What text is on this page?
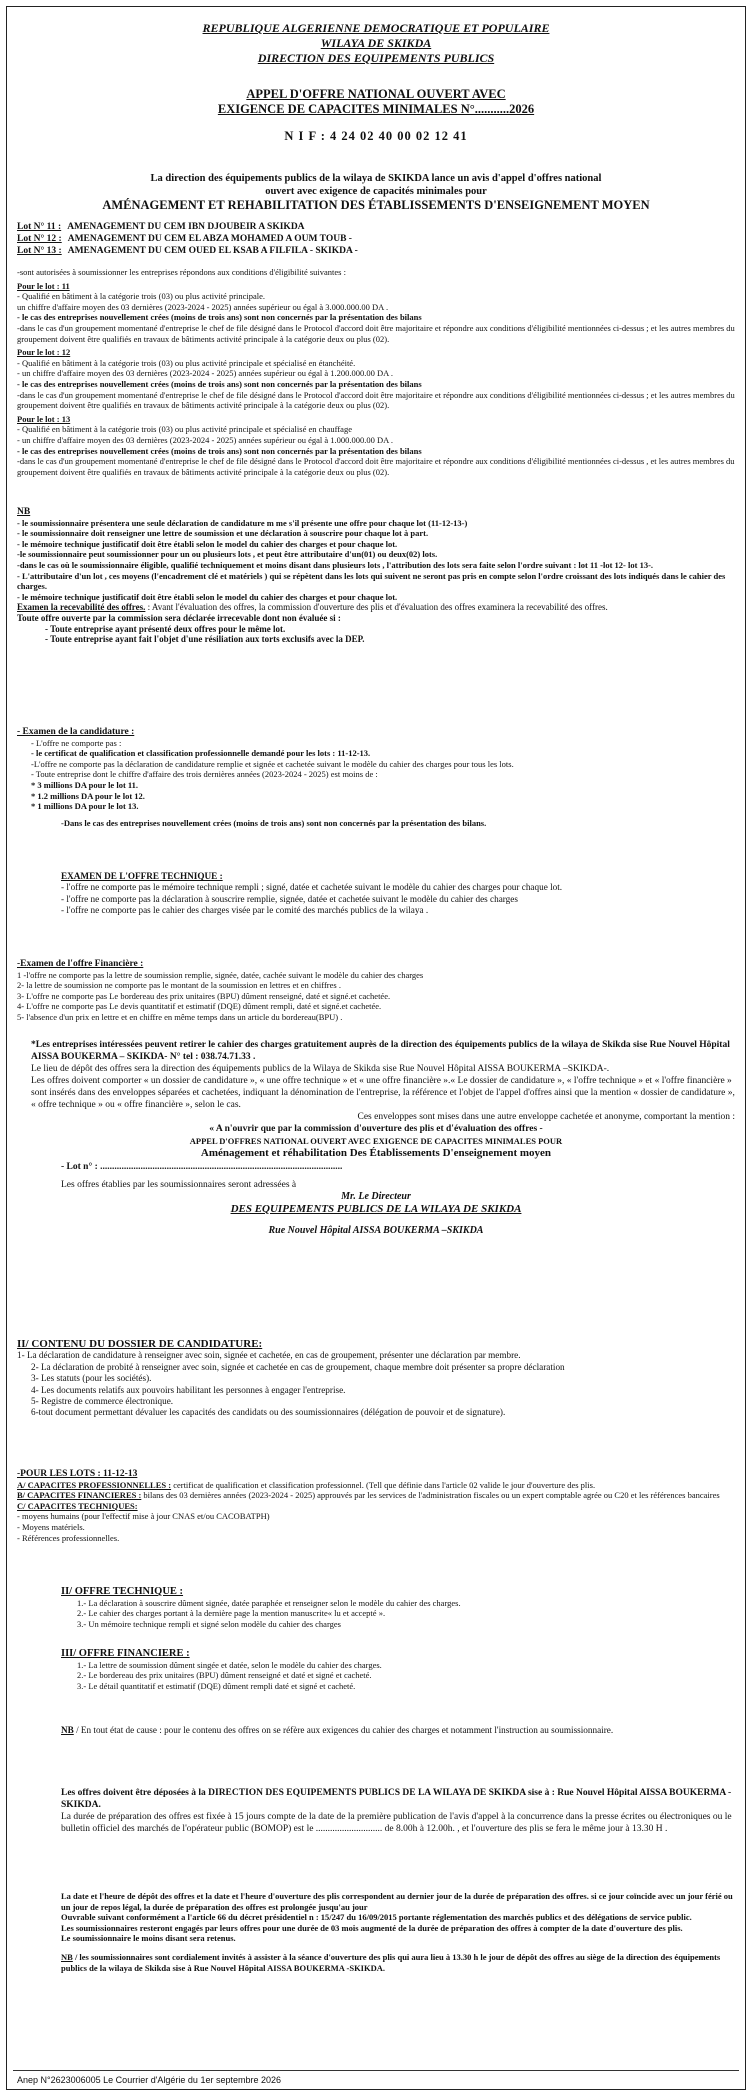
REPUBLIQUE ALGERIENNE DEMOCRATIQUE ET POPULAIRE
WILAYA DE SKIKDA
DIRECTION DES EQUIPEMENTS PUBLICS
APPEL D'OFFRE NATIONAL OUVERT AVEC
EXIGENCE DE CAPACITES MINIMALES N°...........2026
N I F : 4 24 02 40 00 02 12 41
La direction des équipements publics de la wilaya de SKIKDA lance un avis d'appel d'offres national
ouvert avec exigence de capacités minimales pour
AMÉNAGEMENT ET REHABILITATION DES ÉTABLISSEMENTS D'ENSEIGNEMENT MOYEN
Lot N° 11 : AMENAGEMENT DU CEM IBN DJOUBEIR A SKIKDA
Lot N° 12 : AMENAGEMENT DU CEM EL ABZA MOHAMED A OUM TOUB -
Lot N° 13 : AMENAGEMENT DU CEM OUED EL KSAB A FILFILA - SKIKDA -

-sont autorisées à soumissionner les entreprises répondons aux conditions d'éligibilité suivantes :

Pour le lot : 11

- Qualifié en bâtiment à la catégorie trois (03) ou plus activité principale.

un chiffre d'affaire moyen des 03 dernières (2023-2024 - 2025) années supérieur ou égal à 3.000.000.00 DA .

- le cas des entreprises nouvellement crées (moins de trois ans) sont non concernés par la présentation des bilans

-dans le cas d'un groupement momentané d'entreprise le chef de file désigné dans le Protocol d'accord doit être majoritaire et répondre aux conditions d'éligibilité mentionnées ci-dessus ; et les autres membres du groupement doivent être qualifiés en travaux de bâtiments activité principale à la catégorie deux ou plus (02).

Pour le lot : 12

- Qualifié en bâtiment à la catégorie trois (03) ou plus activité principale et spécialisé en étanchéité.

- un chiffre d'affaire moyen des 03 dernières (2023-2024 - 2025) années supérieur ou égal à 1.200.000.00 DA .

- le cas des entreprises nouvellement crées (moins de trois ans) sont non concernés par la présentation des bilans

-dans le cas d'un groupement momentané d'entreprise le chef de file désigné dans le Protocol d'accord doit être majoritaire et répondre aux conditions d'éligibilité mentionnées ci-dessus ; et les autres membres du groupement doivent être qualifiés en travaux de bâtiments activité principale à la catégorie deux ou plus (02).

Pour le lot : 13

- Qualifié en bâtiment à la catégorie trois (03) ou plus activité principale et spécialisé en chauffage

- un chiffre d'affaire moyen des 03 dernières (2023-2024 - 2025) années supérieur ou égal à 1.000.000.00 DA .

- le cas des entreprises nouvellement crées (moins de trois ans) sont non concernés par la présentation des bilans

-dans le cas d'un groupement momentané d'entreprise le chef de file désigné dans le Protocol d'accord doit être majoritaire et répondre aux conditions d'éligibilité mentionnées ci-dessus , et les autres membres du groupement doivent être qualifiés en travaux de bâtiments activité principale à la catégorie deux ou plus (02).

NB

- le soumissionnaire présentera une seule déclaration de candidature m me s'il présente une offre pour chaque lot (11-12-13-)

- le soumissionnaire doit renseigner une lettre de soumission et une déclaration à souscrire pour chaque lot à part.

- le mémoire technique justificatif doit être établi selon le model du cahier des charges et pour chaque lot.

-le soumissionnaire peut soumissionner pour un ou plusieurs lots , et peut être attributaire d'un(01) ou deux(02) lots.

-dans le cas où le soumissionnaire éligible, qualifié techniquement et moins disant dans plusieurs lots , l'attribution des lots sera faite selon l'ordre suivant : lot 11 -lot 12- lot 13-.

- L'attributaire d'un lot , ces moyens (l'encadrement clé et matériels ) qui se répètent dans les lots qui suivent ne seront pas pris en compte selon l'ordre croissant des lots indiqués dans le cahier des charges.

- le mémoire technique justificatif doit être établi selon le model du cahier des charges et pour chaque lot.

Examen la recevabilité des offres. : Avant l'évaluation des offres, la commission d'ouverture des plis et d'évaluation des offres examinera la recevabilité des offres.

Toute offre ouverte par la commission sera déclarée irrecevable dont non évaluée si :

- Toute entreprise ayant présenté deux offres pour le même lot.

- Toute entreprise ayant fait l'objet d'une résiliation aux torts exclusifs avec la DEP.

- Examen de la candidature :

- L'offre ne comporte pas :

- le certificat de qualification et classification professionnelle demandé pour les lots : 11-12-13.

-L'offre ne comporte pas la déclaration de candidature remplie et signée et cachetée suivant le modèle du cahier des charges pour tous les lots.

- Toute entreprise dont le chiffre d'affaire des trois dernières années (2023-2024 - 2025) est moins de :

* 3 millions DA pour le lot 11.

* 1.2 millions DA pour le lot 12.

* 1 millions DA pour le lot 13.

-Dans le cas des entreprises nouvellement crées (moins de trois ans) sont non concernés par la présentation des bilans.

EXAMEN DE L'OFFRE TECHNIQUE :

- l'offre ne comporte pas le mémoire technique rempli ; signé, datée et cachetée suivant le modèle du cahier des charges pour chaque lot.

- l'offre ne comporte pas la déclaration à souscrire remplie, signée, datée et cachetée suivant le modèle du cahier des charges

- l'offre ne comporte pas le cahier des charges visée par le comité des marchés publics de la wilaya .

-Examen de l'offre Financière :

1 -l'offre ne comporte pas la lettre de soumission remplie, signée, datée, cachée suivant le modèle du cahier des charges

2- la lettre de soumission ne comporte pas le montant de la soumission en lettres et en chiffres .

3- L'offre ne comporte pas Le bordereau des prix unitaires (BPU) dûment renseigné, daté et signé.et cachetée.

4- L'offre ne comporte pas Le devis quantitatif et estimatif (DQE) dûment rempli, daté et signé.et cachetée.

5- l'absence d'un prix en lettre et en chiffre en même temps dans un article du bordereau(BPU) .

*Les entreprises intéressées peuvent retirer le cahier des charges gratuitement auprès de la direction des équipements publics de la wilaya de Skikda sise Rue Nouvel Hôpital AISSA BOUKERMA – SKIKDA- N° tel : 038.74.71.33 .

Le lieu de dépôt des offres sera la direction des équipements publics de la Wilaya de Skikda sise Rue Nouvel Hôpital AISSA BOUKERMA –SKIKDA-.

Les offres doivent comporter « un dossier de candidature », « une offre technique » et « une offre financière ».« Le dossier de candidature », « l'offre technique » et « l'offre financière » sont insérés dans des enveloppes séparées et cachetées, indiquant la dénomination de l'entreprise, la référence et l'objet de l'appel d'offres ainsi que la mention « dossier de candidature », « offre technique » ou « offre financière », selon le cas.

Ces enveloppes sont mises dans une autre enveloppe cachetée et anonyme, comportant la mention :

« A n'ouvrir que par la commission d'ouverture des plis et d'évaluation des offres -

APPEL D'OFFRES NATIONAL OUVERT AVEC EXIGENCE DE CAPACITES MINIMALES POUR

Aménagement et réhabilitation Des Établissements D'enseignement moyen

- Lot n° : ......................................................................................................

Les offres établies par les soumissionnaires seront adressées à

Mr. Le Directeur

DES EQUIPEMENTS PUBLICS DE LA WILAYA DE SKIKDA

Rue Nouvel Hôpital AISSA BOUKERMA –SKIKDA

II/ CONTENU DU DOSSIER DE CANDIDATURE:

1- La déclaration de candidature à renseigner avec soin, signée et cachetée, en cas de groupement, présenter une déclaration par membre.

2- La déclaration de probité à renseigner avec soin, signée et cachetée en cas de groupement, chaque membre doit présenter sa propre déclaration

3- Les statuts (pour les sociétés).

4- Les documents relatifs aux pouvoirs habilitant les personnes à engager l'entreprise.

5- Registre de commerce électronique.

6-tout document permettant dévaluer les capacités des candidats ou des soumissionnaires (délégation de pouvoir et de signature).

-POUR LES LOTS : 11-12-13

A/ CAPACITES PROFESSIONNELLES : certificat de qualification et classification professionnel. (Tell que définie dans l'article 02 valide le jour d'ouverture des plis.

B/ CAPACITES FINANCIERES : bilans des 03 dernières années (2023-2024 - 2025) approuvés par les services de l'administration fiscales ou un expert comptable agrée ou C20 et les références bancaires

C/ CAPACITES TECHNIQUES:

- moyens humains (pour l'effectif mise à jour CNAS et/ou CACOBATPH)

- Moyens matériels.

- Références professionnelles.

II/ OFFRE TECHNIQUE :

1.- La déclaration à souscrire dûment signée, datée paraphée et renseigner selon le modèle du cahier des charges.

2.- Le cahier des charges portant à la dernière page la mention manuscrite« lu et accepté ».

3.- Un mémoire technique rempli et signé selon modèle du cahier des charges

III/ OFFRE FINANCIERE :

1.- La lettre de soumission dûment singée et datée, selon le modèle du cahier des charges.

2.- Le bordereau des prix unitaires (BPU) dûment renseigné et daté et signé et cacheté.

3.- Le détail quantitatif et estimatif (DQE) dûment rempli daté et signé et cacheté.

NB / En tout état de cause : pour le contenu des offres on se réfère aux exigences du cahier des charges et notamment l'instruction au soumissionnaire.

Les offres doivent être déposées à la DIRECTION DES EQUIPEMENTS PUBLICS DE LA WILAYA DE SKIKDA sise à : Rue Nouvel Hôpital AISSA BOUKERMA -SKIKDA.

La durée de préparation des offres est fixée à 15 jours compte de la date de la première publication de l'avis d'appel à la concurrence dans la presse écrites ou électroniques ou le bulletin officiel des marchés de l'opérateur public (BOMOP) est le ............................ de 8.00h à 12.00h. , et l'ouverture des plis se fera le même jour à 13.30 H .

La date et l'heure de dépôt des offres et la date et l'heure d'ouverture des plis correspondent au dernier jour de la durée de préparation des offres. si ce jour coïncide avec un jour férié ou un jour de repos légal, la durée de préparation des offres est prolongée jusqu'au jour

Ouvrable suivant conformément a l'article 66 du décret présidentiel n : 15/247 du 16/09/2015 portante réglementation des marchés publics et des délégations de service public.

Les soumissionnaires resteront engagés par leurs offres pour une durée de 03 mois augmenté de la durée de préparation des offres à compter de la date d'ouverture des plis.

Le soumissionnaire le moins disant sera retenus.

NB / les soumissionnaires sont cordialement invités à assister à la séance d'ouverture des plis qui aura lieu à 13.30 h le jour de dépôt des offres au siège de la direction des équipements publics de la wilaya de Skikda sise à Rue Nouvel Hôpital AISSA BOUKERMA -SKIKDA.

Anep N°2623006005 Le Courrier d'Algérie du 1er septembre 2026
